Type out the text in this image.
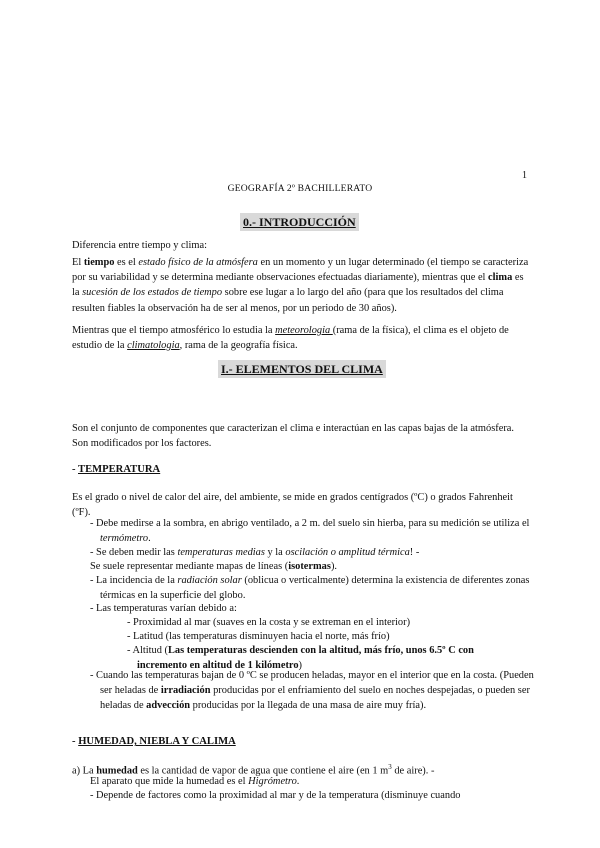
1
GEOGRAFÍA 2º BACHILLERATO
0.- INTRODUCCIÓN
Diferencia entre tiempo y clima:
El tiempo es el estado físico de la atmósfera en un momento y un lugar determinado (el tiempo se caracteriza por su variabilidad y se determina mediante observaciones efectuadas diariamente), mientras que el clima es la sucesión de los estados de tiempo sobre ese lugar a lo largo del año (para que los resultados del clima resulten fiables la observación ha de ser al menos, por un periodo de 30 años).
Mientras que el tiempo atmosférico lo estudia la meteorologia (rama de la física), el clima es el objeto de estudio de la climatologia, rama de la geografía física.
I.- ELEMENTOS DEL CLIMA
Son el conjunto de componentes que caracterizan el clima e interactúan en las capas bajas de la atmósfera. Son modificados por los factores.
- TEMPERATURA
Es el grado o nivel de calor del aire, del ambiente, se mide en grados centígrados (ºC) o grados Fahrenheit (ºF).
- Debe medirse a la sombra, en abrigo ventilado, a 2 m. del suelo sin hierba, para su medición se utiliza el termómetro.
- Se deben medir las temperaturas medias y la oscilación o amplitud térmica! -
Se suele representar mediante mapas de líneas (isotermas).
- La incidencia de la radiación solar (oblicua o verticalmente) determina la existencia de diferentes zonas térmicas en la superficie del globo.
- Las temperaturas varían debido a:
- Proximidad al mar (suaves en la costa y se extreman en el interior)
- Latitud (las temperaturas disminuyen hacia el norte, más frío)
- Altitud (Las temperaturas descienden con la altitud, más frío, unos 6.5º C con incremento en altitud de 1 kilómetro)
- Cuando las temperaturas bajan de 0 ºC se producen heladas, mayor en el interior que en la costa. (Pueden ser heladas de irradiación producidas por el enfriamiento del suelo en noches despejadas, o pueden ser heladas de advección producidas por la llegada de una masa de aire muy fría).
- HUMEDAD, NIEBLA Y CALIMA
a) La humedad es la cantidad de vapor de agua que contiene el aire (en 1 $m^3$ de aire). -
El aparato que mide la humedad es el Higrómetro.
- Depende de factores como la proximidad al mar y de la temperatura (disminuye cuando
